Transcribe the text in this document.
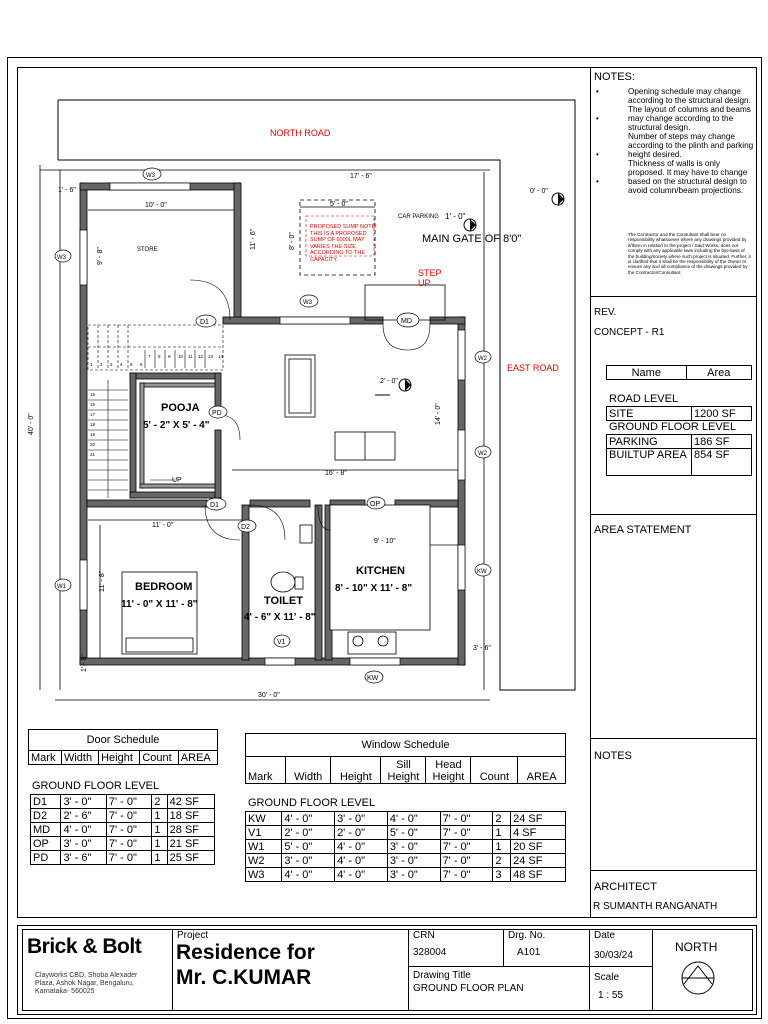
NORTH ROAD
EAST ROAD
MAIN GATE OF 8'0"
CAR PARKING 1' - 0"
STEP UP
UP
STORE
POOJA
5' - 2" X 5' - 4"
BEDROOM
11' - 0" X 11' - 8"	TOILET
4' - 6" X 11' - 8"
KITCHEN
8' - 10" X 11' - 8"
W3
W3
W3
D1	MD
W2
W2
PD
D1
D2
OP
KW
W1
V1
KW
1' - 6"
17' - 6"
0' - 0"
10' - 0"	5' - 0"
9' - 8"
11' - 6"	8' - 0"
2' - 0"
14' - 0"
40' - 0"
16' - 8"
11' - 0"
9' - 10"
11' - 8"
3' - 6"
1' - 8"
30' - 0"
1 2 3 4 5 6
7 8 9 10 11 12 13 14
15
16
17
18
19
20
21
PROPOSED SUMP NOTE: THIS IS A PROPOSED SUMP OF 6000L MAY VARIES THE SIZE ACCORDING TO THE CAPACITY.
Door Schedule
Mark	Width	Height	Count	AREA
GROUND FLOOR LEVEL
D1	3' - 0"	7' - 0"	2	42 SF
D2	2' - 6"	7' - 0"	1	18 SF
MD	4' - 0"	7' - 0"	1	28 SF
OP	3' - 0"	7' - 0"	1	21 SF
PD	3' - 6"	7' - 0"	1	25 SF
Window Schedule
Mark	Width	Height	Sill Height	Head Height	Count	AREA
GROUND FLOOR LEVEL
KW	4' - 0"	3' - 0"	4' - 0"	7' - 0"	2	24 SF
V1	2' - 0"	2' - 0"	5' - 0"	7' - 0"	1	4 SF
W1	5' - 0"	4' - 0"	3' - 0"	7' - 0"	1	20 SF
W2	3' - 0"	4' - 0"	3' - 0"	7' - 0"	2	24 SF
W3	4' - 0"	4' - 0"	3' - 0"	7' - 0"	3	48 SF
NOTES:
Opening schedule may change according to the structural design.
The layout of columns and beams may change according to the structural design.
Number of steps may change according to the plinth and parking height desired.
Thickness of walls is only proposed. It may have to change based on the structural design to avoid column/beam projections.
•
•
•
•
The Contractor and the Consultant shall bear no responsibility whatsoever where any drawings provided by it/them in relation to the project / Said Works, does not comply with any applicable laws including the bye-laws of the building/society where such project is situated. Further, it is clarified that it shall be the responsibility of the Owner to ensure any and all compliance of the drawings provided by the Contractor/Consultant.
REV.
CONCEPT - R1
Name	Area
ROAD LEVEL
SITE	1200 SF
GROUND FLOOR LEVEL
PARKING	186 SF
BUILTUP AREA	854 SF
AREA STATEMENT
NOTES
ARCHITECT
R SUMANTH RANGANATH
Brick & Bolt
Clayworks CBD, Shoba Alexader Plaza, Ashok Nagar, Bengaluru, Karnataka- 560025
Project
Residence for
Mr. C.KUMAR
CRN
328004
Drg. No.
A101
Drawing Title
GROUND FLOOR PLAN
Date
30/03/24
Scale
1 : 55
NORTH
